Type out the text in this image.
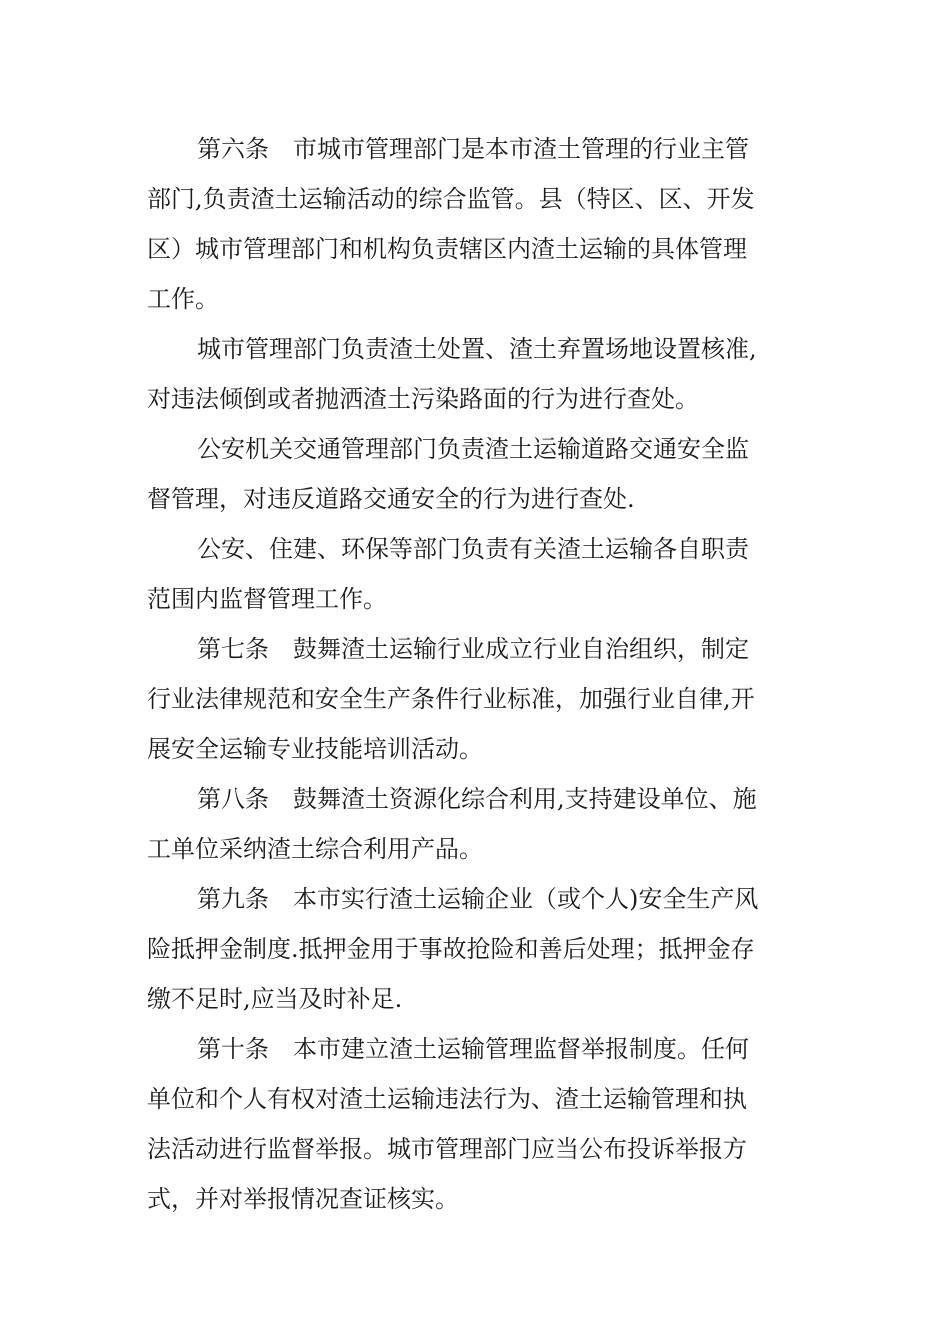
第六条　市城市管理部门是本市渣土管理的行业主管
部门,负责渣土运输活动的综合监管。县（特区、区、开发
区）城市管理部门和机构负责辖区内渣土运输的具体管理
工作。
城市管理部门负责渣土处置、渣土弃置场地设置核准,
对违法倾倒或者抛洒渣土污染路面的行为进行查处。
公安机关交通管理部门负责渣土运输道路交通安全监
督管理，对违反道路交通安全的行为进行查处.
公安、住建、环保等部门负责有关渣土运输各自职责
范围内监督管理工作。
第七条　鼓舞渣土运输行业成立行业自治组织，制定
行业法律规范和安全生产条件行业标准，加强行业自律,开
展安全运输专业技能培训活动。
第八条　鼓舞渣土资源化综合利用,支持建设单位、施
工单位采纳渣土综合利用产品。
第九条　本市实行渣土运输企业（或个人)安全生产风
险抵押金制度.抵押金用于事故抢险和善后处理；抵押金存
缴不足时,应当及时补足.
第十条　本市建立渣土运输管理监督举报制度。任何
单位和个人有权对渣土运输违法行为、渣土运输管理和执
法活动进行监督举报。城市管理部门应当公布投诉举报方
式，并对举报情况查证核实。
